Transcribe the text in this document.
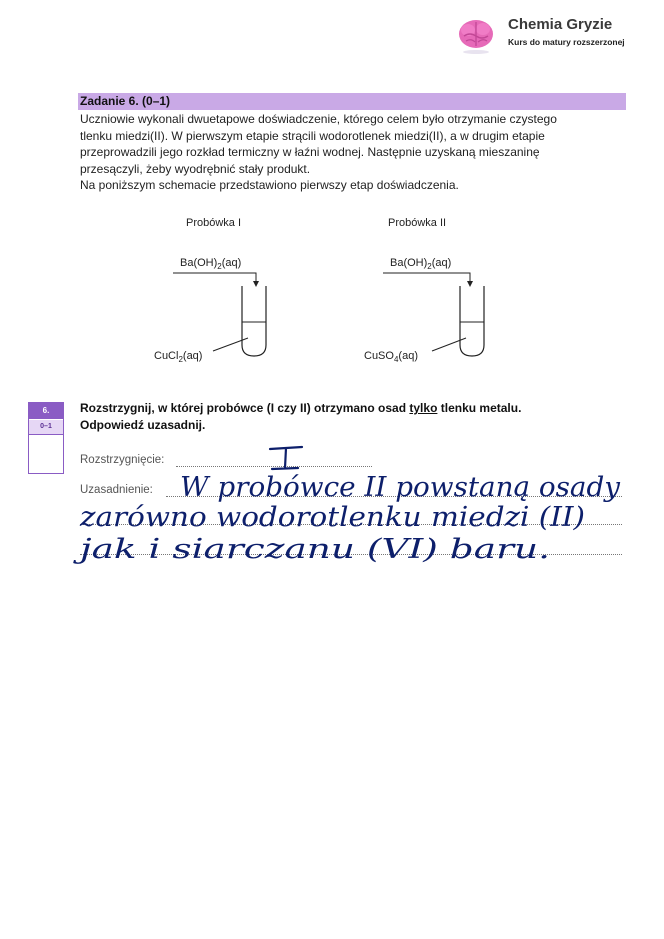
Chemia Gryzie
Kurs do matury rozszerzonej
Zadanie 6. (0–1)

Uczniowie wykonali dwuetapowe doświadczenie, którego celem było otrzymanie czystego

tlenku miedzi(II). W pierwszym etapie strącili wodorotlenek miedzi(II), a w drugim etapie

przeprowadzili jego rozkład termiczny w łaźni wodnej. Następnie uzyskaną mieszaninę

przesączyli, żeby wyodrębnić stały produkt.

Na poniższym schemacie przedstawiono pierwszy etap doświadczenia.

Probówka I
$Ba(OH)_2(aq)$
CuCl$_2$(aq)
Probówka II
$Ba(OH)_2(aq)$
CuSO$_4$(aq)
6.
0–1
Rozstrzygnij, w której probówce (I czy II) otrzymano osad tylko tlenku metalu.
Odpowiedź uzasadnij.
Rozstrzygnięcie:
Uzasadnienie: W probówce II powstaną osady
zarówno wodorotlenku miedzi (II)
jak i siarczanu (VI) baru.
